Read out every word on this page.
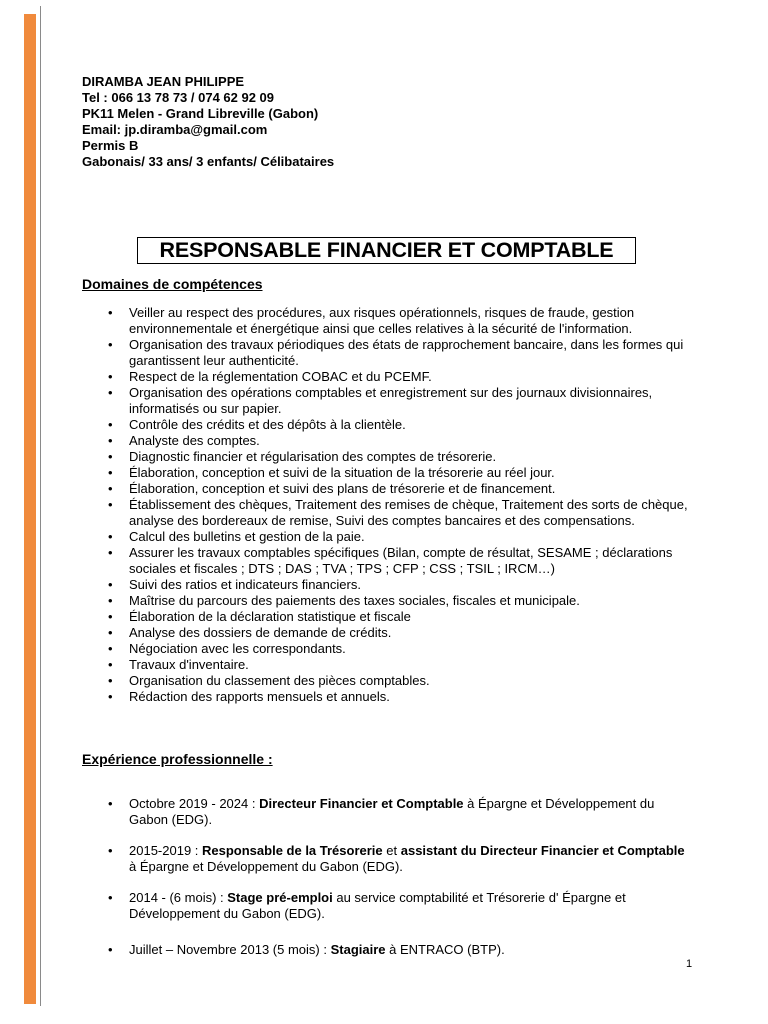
DIRAMBA JEAN PHILIPPE
Tel : 066 13 78 73 / 074 62 92 09
PK11 Melen - Grand Libreville (Gabon)
Email: jp.diramba@gmail.com
Permis B
Gabonais/ 33 ans/ 3 enfants/ Célibataires
RESPONSABLE FINANCIER ET COMPTABLE
Domaines de compétences
• Veiller au respect des procédures, aux risques opérationnels, risques de fraude, gestion environnementale et énergétique ainsi que celles relatives à la sécurité de l'information.
• Organisation des travaux périodiques des états de rapprochement bancaire, dans les formes qui garantissent leur authenticité.
• Respect de la réglementation COBAC et du PCEMF.
• Organisation des opérations comptables et enregistrement sur des journaux divisionnaires, informatisés ou sur papier.
• Contrôle des crédits et des dépôts à la clientèle.
• Analyste des comptes.
• Diagnostic financier et régularisation des comptes de trésorerie.
• Élaboration, conception et suivi de la situation de la trésorerie au réel jour.
• Élaboration, conception et suivi des plans de trésorerie et de financement.
• Établissement des chèques, Traitement des remises de chèque, Traitement des sorts de chèque, analyse des bordereaux de remise, Suivi des comptes bancaires et des compensations.
• Calcul des bulletins et gestion de la paie.
• Assurer les travaux comptables spécifiques (Bilan, compte de résultat, SESAME ; déclarations sociales et fiscales ; DTS ; DAS ; TVA ; TPS ; CFP ; CSS ; TSIL ; IRCM…)
• Suivi des ratios et indicateurs financiers.
• Maîtrise du parcours des paiements des taxes sociales, fiscales et municipale.
• Élaboration de la déclaration statistique et fiscale
• Analyse des dossiers de demande de crédits.
• Négociation avec les correspondants.
• Travaux d'inventaire.
• Organisation du classement des pièces comptables.
• Rédaction des rapports mensuels et annuels.
Expérience professionnelle :
• Octobre 2019 - 2024 : Directeur Financier et Comptable à Épargne et Développement du Gabon (EDG).
• 2015-2019 : Responsable de la Trésorerie et assistant du Directeur Financier et Comptable à Épargne et Développement du Gabon (EDG).
• 2014 - (6 mois) : Stage pré-emploi au service comptabilité et Trésorerie d' Épargne et Développement du Gabon (EDG).
• Juillet – Novembre 2013 (5 mois) : Stagiaire à ENTRACO (BTP).
1
